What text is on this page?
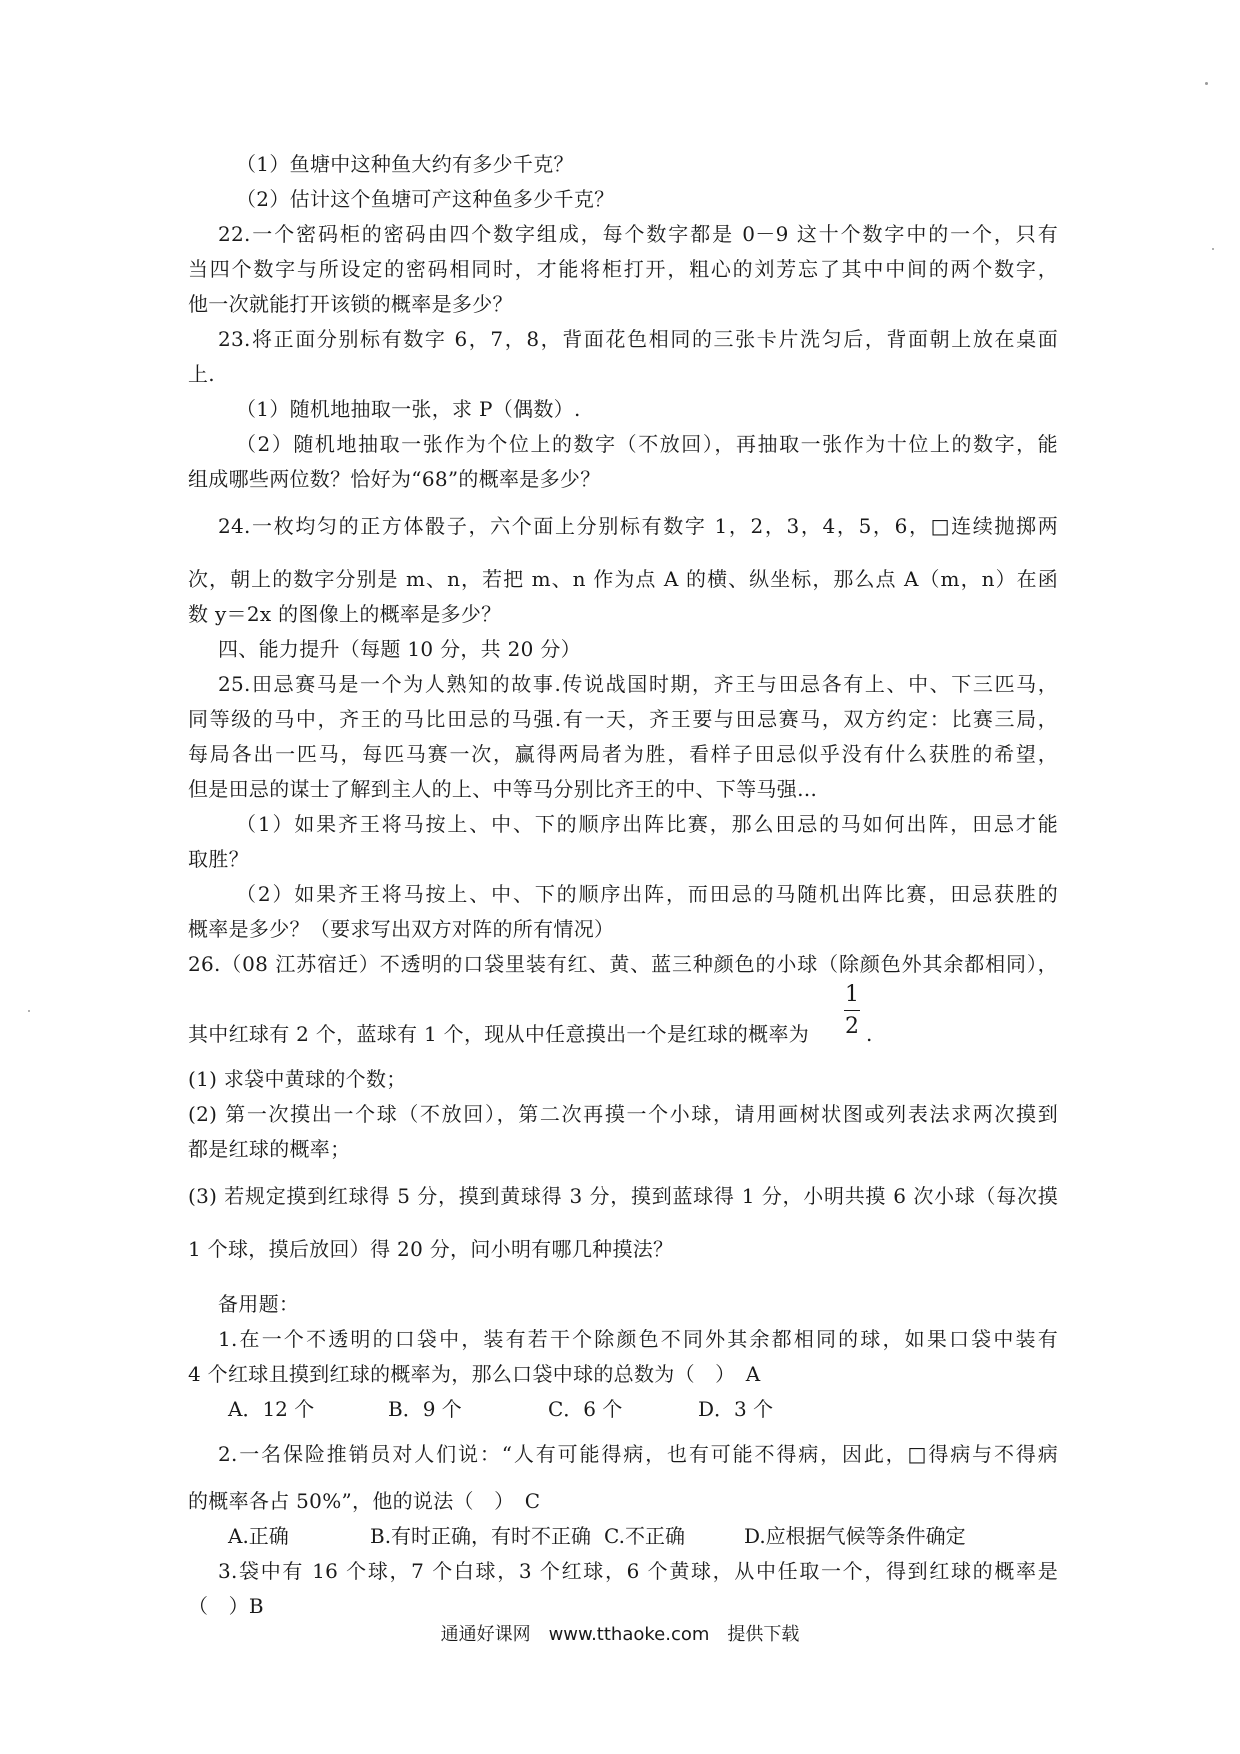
（1）鱼塘中这种鱼大约有多少千克？
（2）估计这个鱼塘可产这种鱼多少千克？
22.一个密码柜的密码由四个数字组成，每个数字都是 0－9 这十个数字中的一个，只有
当四个数字与所设定的密码相同时，才能将柜打开，粗心的刘芳忘了其中中间的两个数字，
他一次就能打开该锁的概率是多少？
23.将正面分别标有数字 6，7，8，背面花色相同的三张卡片洗匀后，背面朝上放在桌面
上.
（1）随机地抽取一张，求 P（偶数）.
（2）随机地抽取一张作为个位上的数字（不放回），再抽取一张作为十位上的数字，能
组成哪些两位数？恰好为“68”的概率是多少？
24.一枚均匀的正方体骰子，六个面上分别标有数字 1，2，3，4，5，6，□连续抛掷两
次，朝上的数字分别是 m、n，若把 m、n 作为点 A 的横、纵坐标，那么点 A（m，n）在函
数 y＝2x 的图像上的概率是多少？
四、能力提升（每题 10 分，共 20 分）
25.田忌赛马是一个为人熟知的故事.传说战国时期，齐王与田忌各有上、中、下三匹马，
同等级的马中，齐王的马比田忌的马强.有一天，齐王要与田忌赛马，双方约定：比赛三局，
每局各出一匹马，每匹马赛一次，赢得两局者为胜，看样子田忌似乎没有什么获胜的希望，
但是田忌的谋士了解到主人的上、中等马分别比齐王的中、下等马强…
（1）如果齐王将马按上、中、下的顺序出阵比赛，那么田忌的马如何出阵，田忌才能
取胜？
（2）如果齐王将马按上、中、下的顺序出阵，而田忌的马随机出阵比赛，田忌获胜的
概率是多少？（要求写出双方对阵的所有情况）
26.（08 江苏宿迁）不透明的口袋里装有红、黄、蓝三种颜色的小球（除颜色外其余都相同），
其中红球有 2 个，蓝球有 1 个，现从中任意摸出一个是红球的概率为
1
2 .
(1) 求袋中黄球的个数；
(2) 第一次摸出一个球（不放回），第二次再摸一个小球，请用画树状图或列表法求两次摸到
都是红球的概率；
(3) 若规定摸到红球得 5 分，摸到黄球得 3 分，摸到蓝球得 1 分，小明共摸 6 次小球（每次摸
1 个球，摸后放回）得 20 分，问小明有哪几种摸法？
备用题：
1.在一个不透明的口袋中，装有若干个除颜色不同外其余都相同的球，如果口袋中装有
4 个红球且摸到红球的概率为，那么口袋中球的总数为（　）　A
A．12 个	B．9 个	C．6 个	D．3 个
2.一名保险推销员对人们说：“人有可能得病，也有可能不得病，因此，□得病与不得病
的概率各占 50%”，他的说法（　）　C
A.正确	B.有时正确，有时不正确 C.不正确	D.应根据气候等条件确定
3.袋中有 16 个球，7 个白球，3 个红球，6 个黄球，从中任取一个，得到红球的概率是
（　）B
通通好课网　www.tthaoke.com　提供下载
